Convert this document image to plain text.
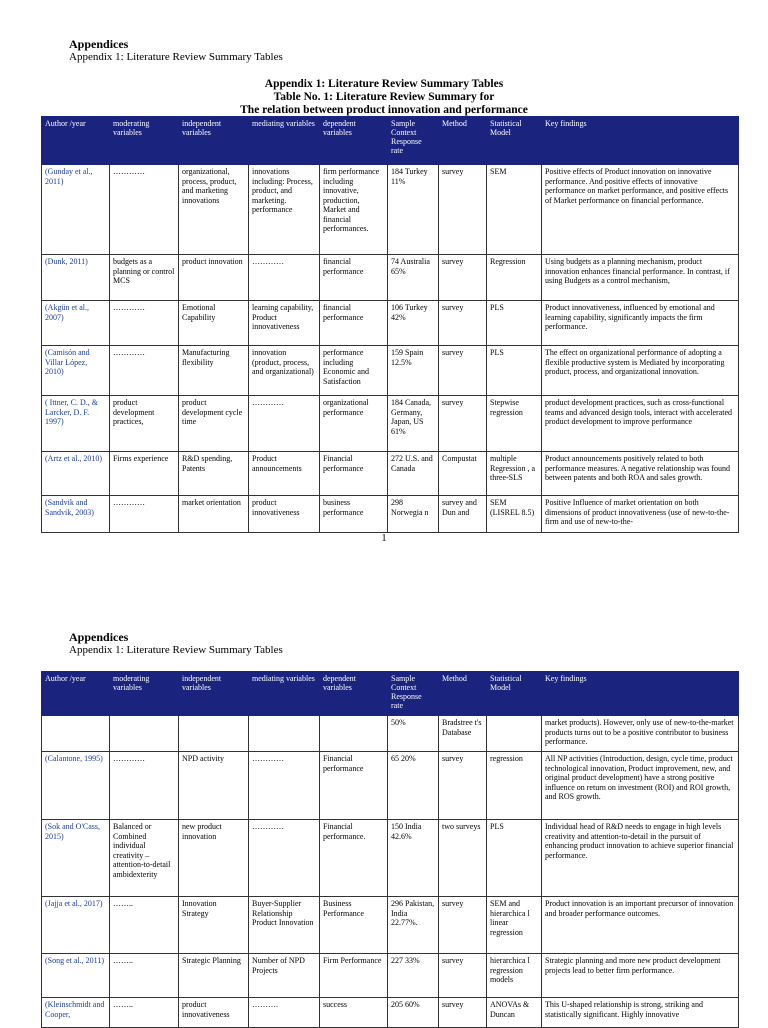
Appendices
Appendix 1: Literature Review Summary Tables
Appendix 1: Literature Review Summary Tables
Table No. 1: Literature Review Summary for
The relation between product innovation and performance
Author /year	moderating variables	independent variables	mediating variables	dependent variables	Sample Context Response rate	Method	Statistical Model	Key findings
(Gunday et al., 2011)	…………	organizational, process, product, and marketing innovations	innovations including: Process, product, and marketing. performance	firm performance including innovative, production, Market and financial performances.	184 Turkey 11%	survey	SEM	Positive effects of Product innovation on innovative performance. And positive effects of innovative performance on market performance, and positive effects of Market performance on financial performance.
(Dunk, 2011)	budgets as a planning or control MCS	product innovation	…………	financial performance	74 Australia 65%	survey	Regression	Using budgets as a planning mechanism, product innovation enhances financial performance. In contrast, if using Budgets as a control mechanism,
(Akgün et al., 2007)	…………	Emotional Capability	learning capability, Product innovativeness	financial performance	106 Turkey 42%	survey	PLS	Product innovativeness, influenced by emotional and learning capability, significantly impacts the firm performance.
(Camisón and Villar López, 2010)	…………	Manufacturing flexibility	innovation (product, process, and organizational)	performance including Economic and Satisfaction	159 Spain 12.5%	survey	PLS	The effect on organizational performance of adopting a flexible productive system is Mediated by incorporating product, process, and organizational innovation.
( Ittner, C. D., & Larcker, D. F. 1997)	product development practices,	product development cycle time	…………	organizational performance	184 Canada, Germany, Japan, US 61%	survey	Stepwise regression	product development practices, such as cross-functional teams and advanced design tools, interact with accelerated product development to improve performance
(Artz et al., 2010)	Firms experience	R&D spending, Patents	Product announcements	Financial performance	272 U.S. and Canada	Compustat	multiple Regression , a three-SLS	Product announcements positively related to both performance measures. A negative relationship was found between patents and both ROA and sales growth.
(Sandvik and Sandvik, 2003)	…………	market orientation	product innovativeness	business performance	298 Norwegia n	survey and Dun and	SEM (LISREL 8.5)	Positive Influence of market orientation on both dimensions of product innovativeness (use of new-to-the-firm and use of new-to-the-
1
Appendices
Appendix 1: Literature Review Summary Tables
Author /year	moderating variables	independent variables	mediating variables	dependent variables	Sample Context Response rate	Method	Statistical Model	Key findings
					50%	Bradstree t's Database		market products). However, only use of new-to-the-market products turns out to be a positive contributor to business performance.
(Calantone, 1995)	…………	NPD activity	…………	Financial performance	65 20%	survey	regression	All NP activities (Introduction, design, cycle time, product technological innovation, Product improvement, new, and original product development) have a strong positive influence on return on investment (ROI) and ROI growth, and ROS growth.
(Sok and O'Cass, 2015)	Balanced or Combined individual creativity – attention-to-detail ambidexterity	new product innovation	…………	Financial performance.	150 India 42.6%	two surveys	PLS	Individual head of R&D needs to engage in high levels creativity and attention-to-detail in the pursuit of enhancing product innovation to achieve superior financial performance.
(Jajja et al., 2017)	……..	Innovation Strategy	Buyer-Supplier Relationship Product Innovation	Business Performance	296 Pakistan, India 22.77%.	survey	SEM and hierarchica l linear regression	Product innovation is an important precursor of innovation and broader performance outcomes.
(Song et al., 2011)	……..	Strategic Planning	Number of NPD Projects	Firm Performance	227 33%	survey	hierarchica l regression models	Strategic planning and more new product development projects lead to better firm performance.
(Kleinschmidt and Cooper,	……..	product innovativeness	……….	success	205 60%	survey	ANOVAs & Duncan	This U-shaped relationship is strong, striking and statistically significant. Highly innovative
